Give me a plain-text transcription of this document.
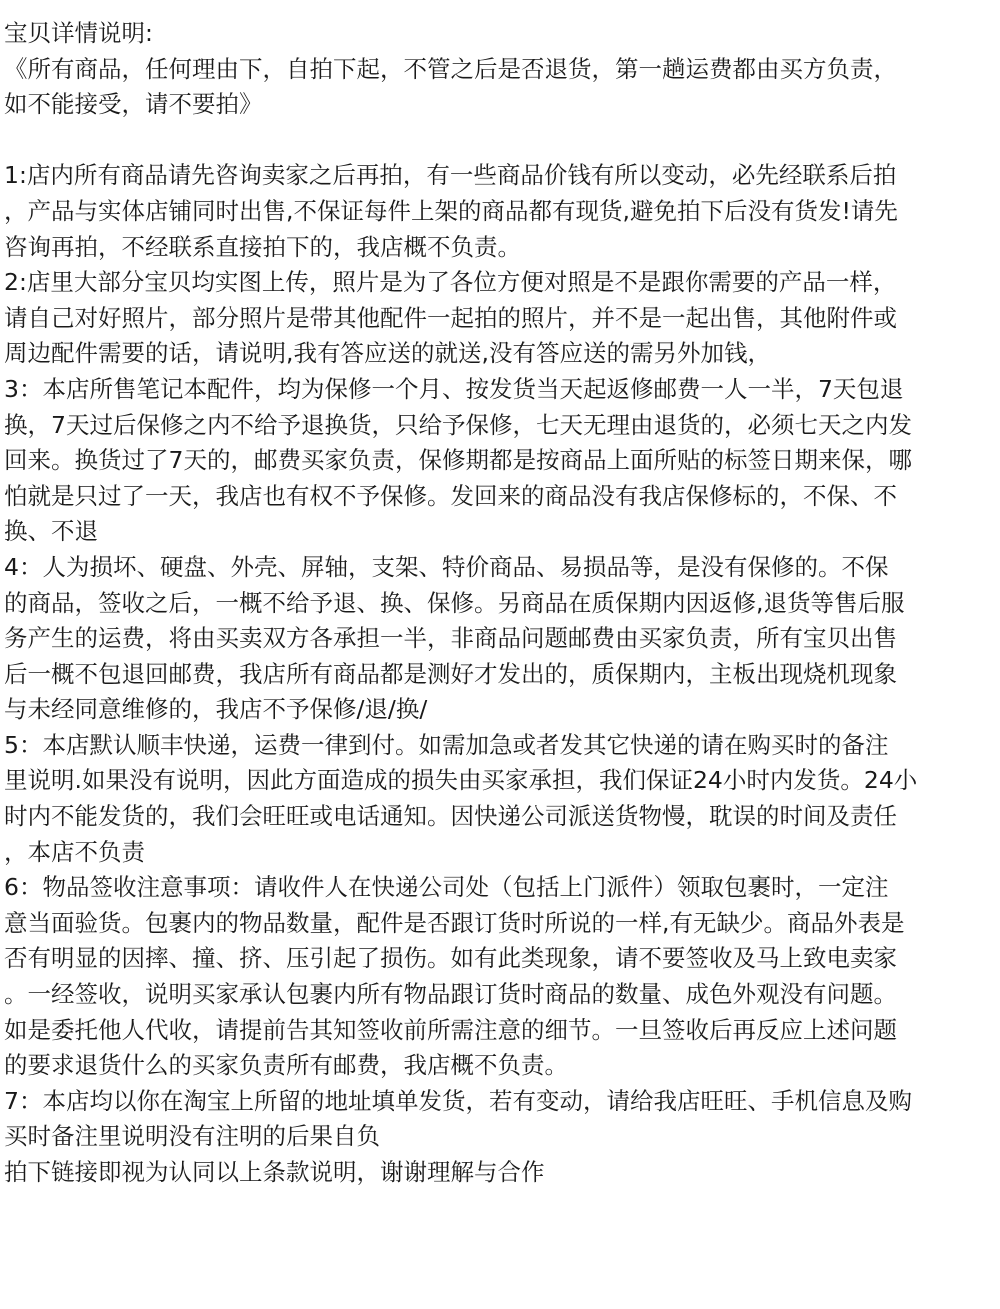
宝贝详情说明:
《所有商品，任何理由下，自拍下起，不管之后是否退货，第一趟运费都由买方负责，
如不能接受，请不要拍》
1:店内所有商品请先咨询卖家之后再拍，有一些商品价钱有所以变动，必先经联系后拍
，产品与实体店铺同时出售,不保证每件上架的商品都有现货,避免拍下后没有货发!请先
咨询再拍，不经联系直接拍下的，我店概不负责。
2:店里大部分宝贝均实图上传，照片是为了各位方便对照是不是跟你需要的产品一样，
请自己对好照片，部分照片是带其他配件一起拍的照片，并不是一起出售，其他附件或
周边配件需要的话，请说明,我有答应送的就送,没有答应送的需另外加钱，
3：本店所售笔记本配件，均为保修一个月、按发货当天起返修邮费一人一半，7天包退
换，7天过后保修之内不给予退换货，只给予保修，七天无理由退货的，必须七天之内发
回来。换货过了7天的，邮费买家负责，保修期都是按商品上面所贴的标签日期来保，哪
怕就是只过了一天，我店也有权不予保修。发回来的商品没有我店保修标的，不保、不
换、不退
4：人为损坏、硬盘、外壳、屏轴，支架、特价商品、易损品等，是没有保修的。不保
的商品，签收之后，一概不给予退、换、保修。另商品在质保期内因返修,退货等售后服
务产生的运费，将由买卖双方各承担一半，非商品问题邮费由买家负责，所有宝贝出售
后一概不包退回邮费，我店所有商品都是测好才发出的，质保期内，主板出现烧机现象
与未经同意维修的，我店不予保修/退/换/
5：本店默认顺丰快递，运费一律到付。如需加急或者发其它快递的请在购买时的备注
里说明.如果没有说明，因此方面造成的损失由买家承担，我们保证24小时内发货。24小
时内不能发货的，我们会旺旺或电话通知。因快递公司派送货物慢，耽误的时间及责任
，本店不负责
6：物品签收注意事项：请收件人在快递公司处（包括上门派件）领取包裹时，一定注
意当面验货。包裹内的物品数量，配件是否跟订货时所说的一样,有无缺少。商品外表是
否有明显的因摔、撞、挤、压引起了损伤。如有此类现象，请不要签收及马上致电卖家
。一经签收，说明买家承认包裹内所有物品跟订货时商品的数量、成色外观没有问题。
如是委托他人代收，请提前告其知签收前所需注意的细节。一旦签收后再反应上述问题
的要求退货什么的买家负责所有邮费，我店概不负责。
7：本店均以你在淘宝上所留的地址填单发货，若有变动，请给我店旺旺、手机信息及购
买时备注里说明没有注明的后果自负
拍下链接即视为认同以上条款说明，谢谢理解与合作
